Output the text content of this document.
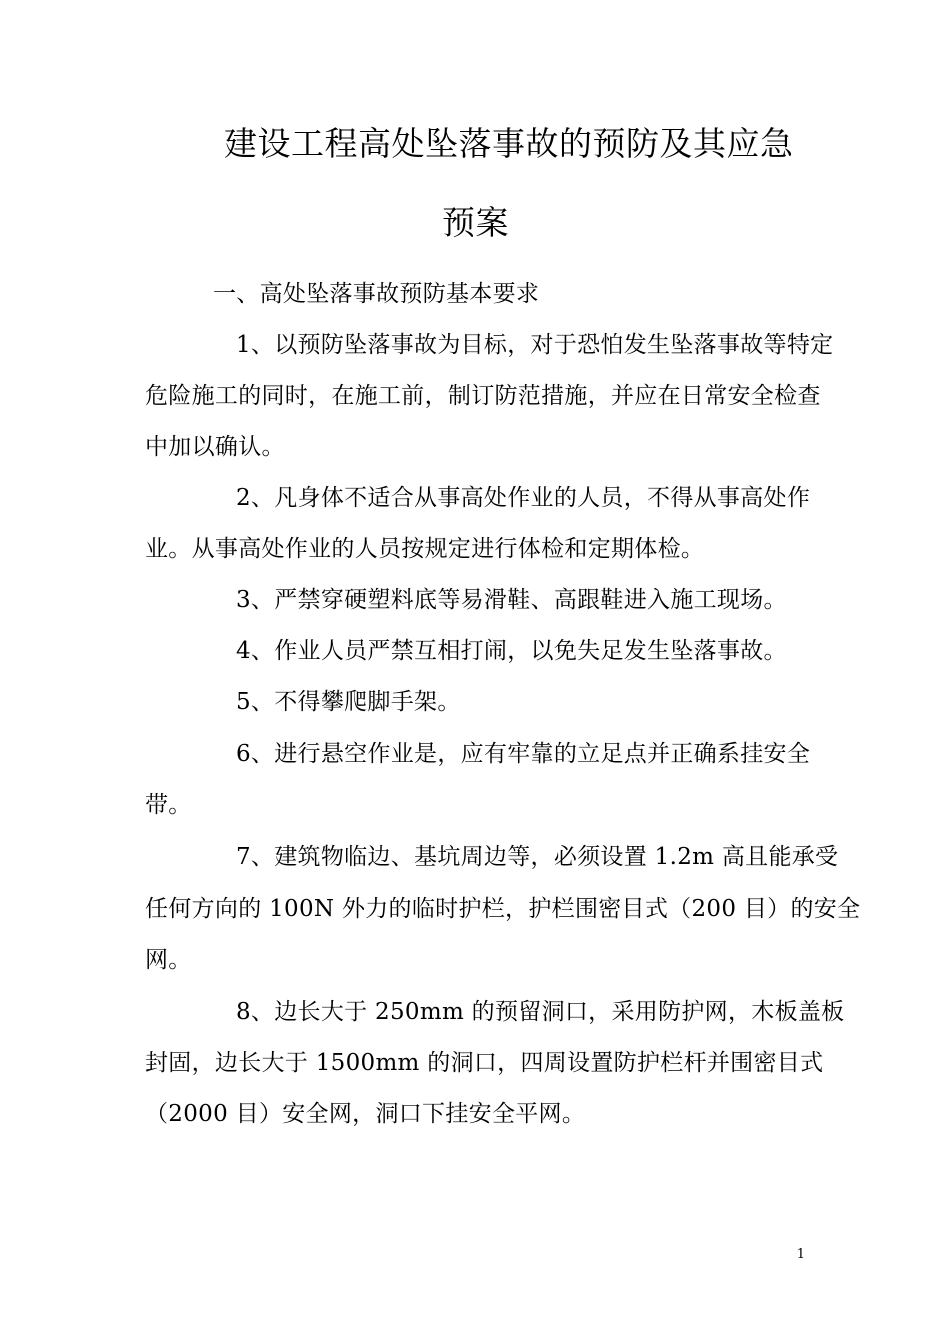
建设工程高处坠落事故的预防及其应急
预案
一、高处坠落事故预防基本要求
1、以预防坠落事故为目标，对于恐怕发生坠落事故等特定
危险施工的同时，在施工前，制订防范措施，并应在日常安全检查
中加以确认。
2、凡身体不适合从事高处作业的人员，不得从事高处作
业。从事高处作业的人员按规定进行体检和定期体检。
3、严禁穿硬塑料底等易滑鞋、高跟鞋进入施工现场。
4、作业人员严禁互相打闹，以免失足发生坠落事故。
5、不得攀爬脚手架。
6、进行悬空作业是，应有牢靠的立足点并正确系挂安全
带。
7、建筑物临边、基坑周边等，必须设置 1.2m 高且能承受
任何方向的 100N 外力的临时护栏，护栏围密目式（200 目）的安全
网。
8、边长大于 250mm 的预留洞口，采用防护网，木板盖板
封固，边长大于 1500mm 的洞口，四周设置防护栏杆并围密目式
（2000 目）安全网，洞口下挂安全平网。
1
